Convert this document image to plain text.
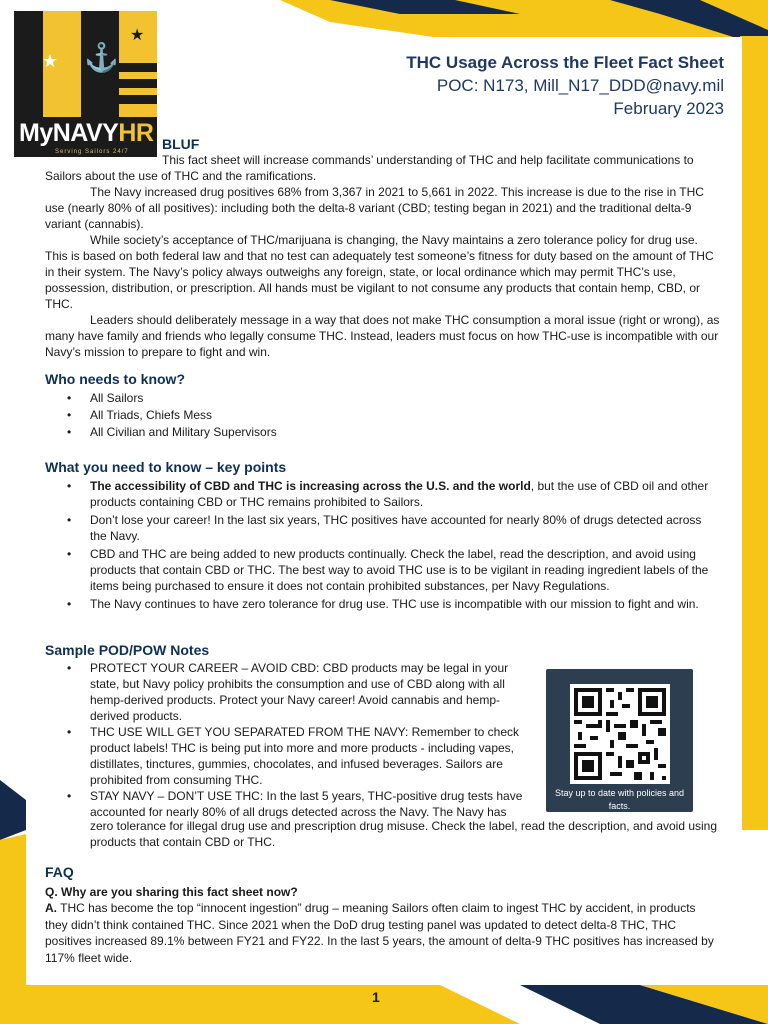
★
★
⚓
MyNAVYHR
Serving Sailors 24/7
THC Usage Across the Fleet Fact Sheet
POC: N173, Mill_N17_DDD@navy.mil
February 2023
BLUF

This fact sheet will increase commands’ understanding of THC and help facilitate communications to Sailors about the use of THC and the ramifications.

The Navy increased drug positives 68% from 3,367 in 2021 to 5,661 in 2022. This increase is due to the rise in THC use (nearly 80% of all positives): including both the delta-8 variant (CBD; testing began in 2021) and the traditional delta-9 variant (cannabis).

While society’s acceptance of THC/marijuana is changing, the Navy maintains a zero tolerance policy for drug use. This is based on both federal law and that no test can adequately test someone’s fitness for duty based on the amount of THC in their system. The Navy’s policy always outweighs any foreign, state, or local ordinance which may permit THC’s use, possession, distribution, or prescription. All hands must be vigilant to not consume any products that contain hemp, CBD, or THC.

Leaders should deliberately message in a way that does not make THC consumption a moral issue (right or wrong), as many have family and friends who legally consume THC. Instead, leaders must focus on how THC-use is incompatible with our Navy’s mission to prepare to fight and win.

Who needs to know?
• All Sailors
• All Triads, Chiefs Mess
• All Civilian and Military Supervisors
What you need to know – key points
• The accessibility of CBD and THC is increasing across the U.S. and the world, but the use of CBD oil and other products containing CBD or THC remains prohibited to Sailors.
• Don’t lose your career! In the last six years, THC positives have accounted for nearly 80% of drugs detected across the Navy.
• CBD and THC are being added to new products continually. Check the label, read the description, and avoid using products that contain CBD or THC. The best way to avoid THC use is to be vigilant in reading ingredient labels of the items being purchased to ensure it does not contain prohibited substances, per Navy Regulations.
• The Navy continues to have zero tolerance for drug use. THC use is incompatible with our mission to fight and win.
Sample POD/POW Notes
• PROTECT YOUR CAREER – AVOID CBD: CBD products may be legal in your state, but Navy policy prohibits the consumption and use of CBD along with all hemp-derived products. Protect your Navy career! Avoid cannabis and hemp-derived products.
• THC USE WILL GET YOU SEPARATED FROM THE NAVY: Remember to check product labels! THC is being put into more and more products - including vapes, distillates, tinctures, gummies, chocolates, and infused beverages. Sailors are prohibited from consuming THC.
• STAY NAVY – DON’T USE THC: In the last 5 years, THC-positive drug tests have accounted for nearly 80% of all drugs detected across the Navy. The Navy has

zero tolerance for illegal drug use and prescription drug misuse. Check the label, read the description, and avoid using products that contain CBD or THC.

Stay up to date with policies and facts.
FAQ

Q. Why are you sharing this fact sheet now?

A. THC has become the top “innocent ingestion” drug – meaning Sailors often claim to ingest THC by accident, in products they didn’t think contained THC. Since 2021 when the DoD drug testing panel was updated to detect delta-8 THC, THC positives increased 89.1% between FY21 and FY22. In the last 5 years, the amount of delta-9 THC positives has increased by 117% fleet wide.

1
